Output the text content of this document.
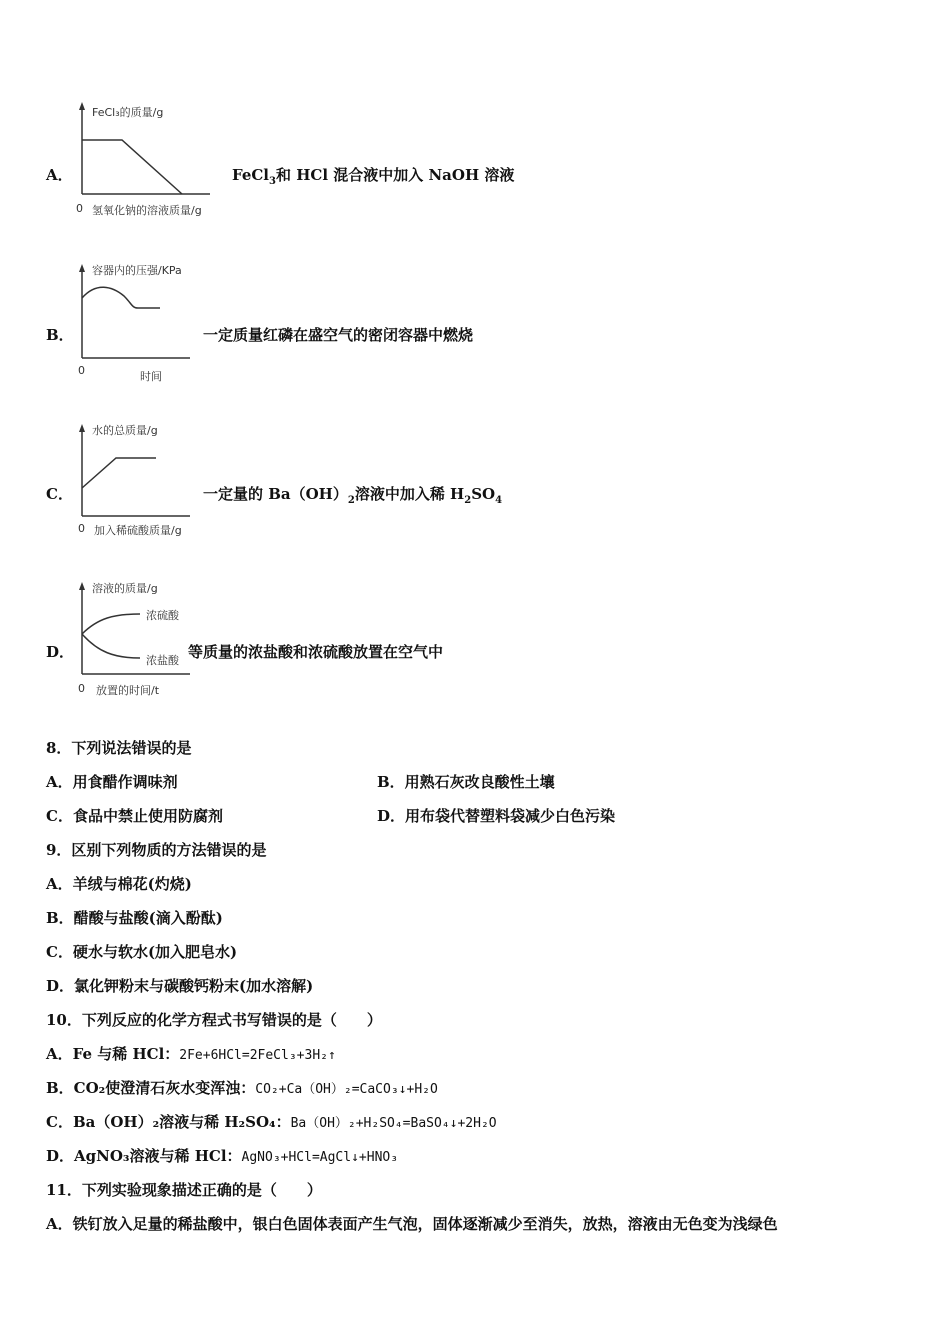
A．
FeCl₃的质量/g
0 氢氧化钠的溶液质量/g
FeCl$_3$和 HCl 混合液中加入 NaOH 溶液
B．
容器内的压强/KPa
0	时间
一定质量红磷在盛空气的密闭容器中燃烧
C．
水的总质量/g
0 加入稀硫酸质量/g
一定量的 $Ba(OH)_2$溶液中加入稀 $H_2SO_4$
D．
溶液的质量/g
浓硫酸
浓盐酸
0 放置的时间/t
等质量的浓盐酸和浓硫酸放置在空气中
8．下列说法错误的是
A．用食醋作调味剂	B．用熟石灰改良酸性土壤
C．食品中禁止使用防腐剂	D．用布袋代替塑料袋减少白色污染
9．区别下列物质的方法错误的是
A．羊绒与棉花(灼烧)
B．醋酸与盐酸(滴入酚酞)
C．硬水与软水(加入肥皂水)
D．氯化钾粉末与碳酸钙粉末(加水溶解)
10．下列反应的化学方程式书写错误的是（　　）
A．Fe 与稀 HCl：2Fe+6HCl=2FeCl₃+3H₂↑
B．CO₂使澄清石灰水变浑浊：CO₂+Ca（OH）₂=CaCO₃↓+H₂O
C．Ba（OH）₂溶液与稀 H₂SO₄：Ba（OH）₂+H₂SO₄=BaSO₄↓+2H₂O
D．AgNO₃溶液与稀 HCl：AgNO₃+HCl=AgCl↓+HNO₃
11．下列实验现象描述正确的是（　　）
A．铁钉放入足量的稀盐酸中，银白色固体表面产生气泡，固体逐渐减少至消失，放热，溶液由无色变为浅绿色
